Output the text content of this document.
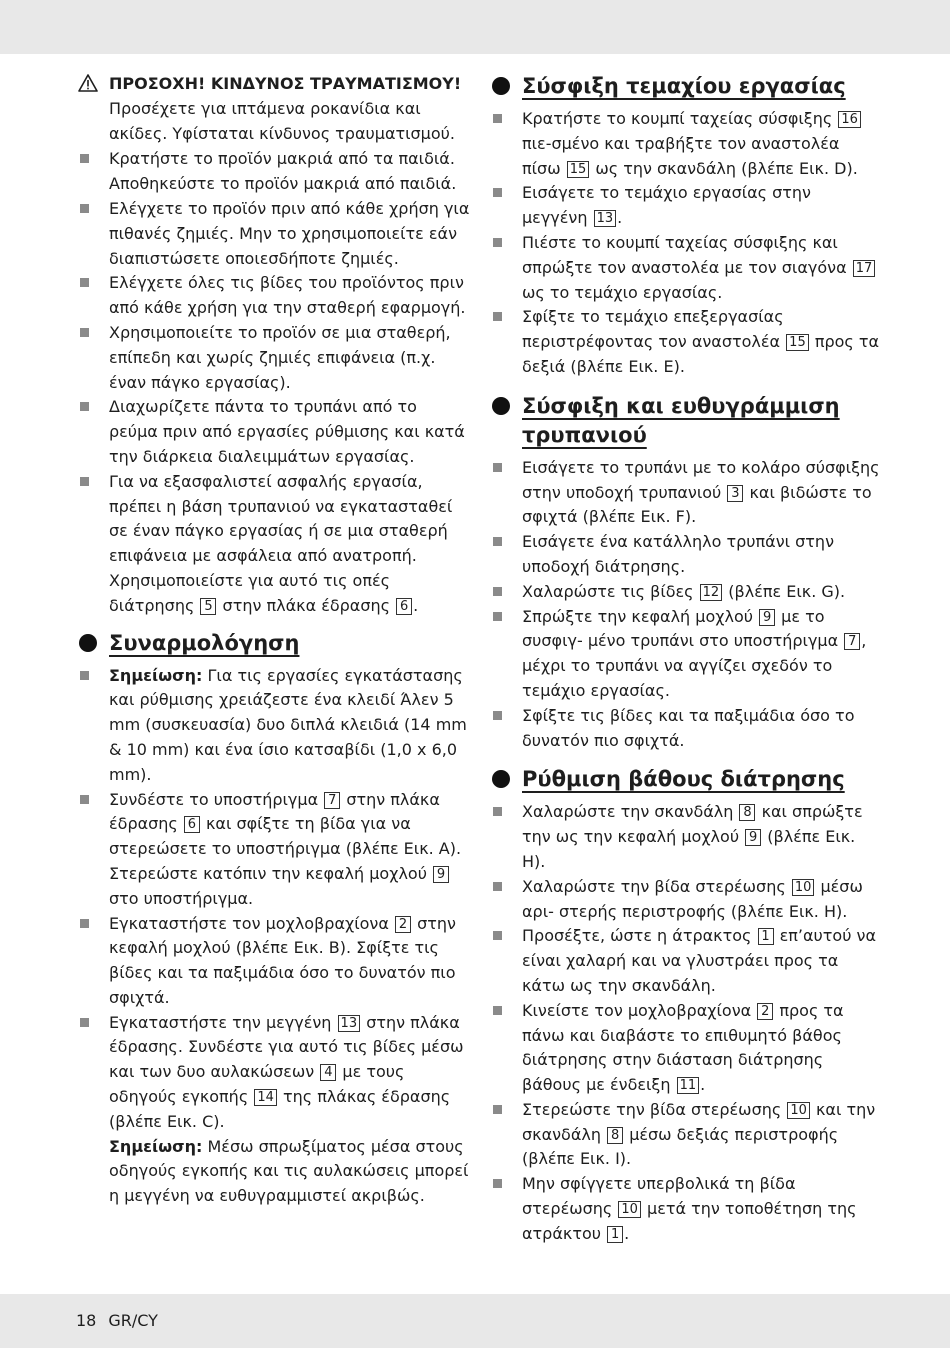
ΠΡΟΣΟΧΗ! ΚΙΝΔΥΝΟΣ ΤΡΑΥΜΑΤΙΣΜΟΥ! Προσέχετε για ιπτάμενα ροκανίδια και ακίδες. Υφίσταται κίνδυνος τραυματισμού.
Κρατήστε το προϊόν μακριά από τα παιδιά. Αποθηκεύστε το προϊόν μακριά από παιδιά.
Ελέγχετε το προϊόν πριν από κάθε χρήση για πιθανές ζημιές. Μην το χρησιμοποιείτε εάν διαπιστώσετε οποιεσδήποτε ζημιές.
Ελέγχετε όλες τις βίδες του προϊόντος πριν από κάθε χρήση για την σταθερή εφαρμογή.
Χρησιμοποιείτε το προϊόν σε μια σταθερή, επίπεδη και χωρίς ζημιές επιφάνεια (π.χ. έναν πάγκο εργασίας).
Διαχωρίζετε πάντα το τρυπάνι από το ρεύμα πριν από εργασίες ρύθμισης και κατά την διάρκεια διαλειμμάτων εργασίας.
Για να εξασφαλιστεί ασφαλής εργασία, πρέπει η βάση τρυπανιού να εγκατασταθεί σε έναν πάγκο εργασίας ή σε μια σταθερή επιφάνεια με ασφάλεια από ανατροπή. Χρησιμοποιείστε για αυτό τις οπές διάτρησης 5 στην πλάκα έδρασης 6 .
Συναρμολόγηση
Σημείωση: Για τις εργασίες εγκατάστασης και ρύθμισης χρειάζεστε ένα κλειδί Άλεν 5 mm (συσκευασία) δυο διπλά κλειδιά (14 mm & 10 mm) και ένα ίσιο κατσαβίδι (1,0 x 6,0 mm).
Συνδέστε το υποστήριγμα 7 στην πλάκα έδρασης 6 και σφίξτε τη βίδα για να στερεώσετε το υποστήριγμα (βλέπε Εικ. A). Στερεώστε κατόπιν την κεφαλή μοχλού 9 στο υποστήριγμα.
Εγκαταστήστε τον μοχλοβραχίονα 2 στην κεφαλή μοχλού (βλέπε Εικ. B). Σφίξτε τις βίδες και τα παξιμάδια όσο το δυνατόν πιο σφιχτά.
Εγκαταστήστε την μεγγένη 13 στην πλάκα έδρασης. Συνδέστε για αυτό τις βίδες μέσω και των δυο αυλακώσεων 4 με τους οδηγούς εγκοπής 14 της πλάκας έδρασης (βλέπε Εικ. C).
Σημείωση: Μέσω σπρωξίματος μέσα στους οδηγούς εγκοπής και τις αυλακώσεις μπορεί η μεγγένη να ευθυγραμμιστεί ακριβώς.
Σύσφιξη τεμαχίου εργασίας
Κρατήστε το κουμπί ταχείας σύσφιξης 16 πιε-σμένο και τραβήξτε τον αναστολέα πίσω 15 ως την σκανδάλη (βλέπε Εικ. D).
Εισάγετε το τεμάχιο εργασίας στην μεγγένη 13 .
Πιέστε το κουμπί ταχείας σύσφιξης και σπρώξτε τον αναστολέα με τον σιαγόνα 17 ως το τεμάχιο εργασίας.
Σφίξτε το τεμάχιο επεξεργασίας περιστρέφοντας τον αναστολέα 15 προς τα δεξιά (βλέπε Εικ. E).
Σύσφιξη και ευθυγράμμιση τρυπανιού
Εισάγετε το τρυπάνι με το κολάρο σύσφιξης στην υποδοχή τρυπανιού 3 και βιδώστε το σφιχτά (βλέπε Εικ. F).
Εισάγετε ένα κατάλληλο τρυπάνι στην υποδοχή διάτρησης.
Χαλαρώστε τις βίδες 12 (βλέπε Εικ. G).
Σπρώξτε την κεφαλή μοχλού 9 με το συσφιγ- μένο τρυπάνι στο υποστήριγμα 7 , μέχρι το τρυπάνι να αγγίζει σχεδόν το τεμάχιο εργασίας.
Σφίξτε τις βίδες και τα παξιμάδια όσο το δυνατόν πιο σφιχτά.
Ρύθμιση βάθους διάτρησης
Χαλαρώστε την σκανδάλη 8 και σπρώξτε την ως την κεφαλή μοχλού 9 (βλέπε Εικ. H).
Χαλαρώστε την βίδα στερέωσης 10 μέσω αρι- στερής περιστροφής (βλέπε Εικ. H).
Προσέξτε, ώστε η άτρακτος 1 επ’αυτού να είναι χαλαρή και να γλυστράει προς τα κάτω ως την σκανδάλη.
Κινείστε τον μοχλοβραχίονα 2 προς τα πάνω και διαβάστε το επιθυμητό βάθος διάτρησης στην διάσταση διάτρησης βάθους με ένδειξη 11 .
Στερεώστε την βίδα στερέωσης 10 και την σκανδάλη 8 μέσω δεξιάς περιστροφής (βλέπε Εικ. I).
Μην σφίγγετε υπερβολικά τη βίδα στερέωσης 10 μετά την τοποθέτηση της ατράκτου 1 .
18 GR/CY
